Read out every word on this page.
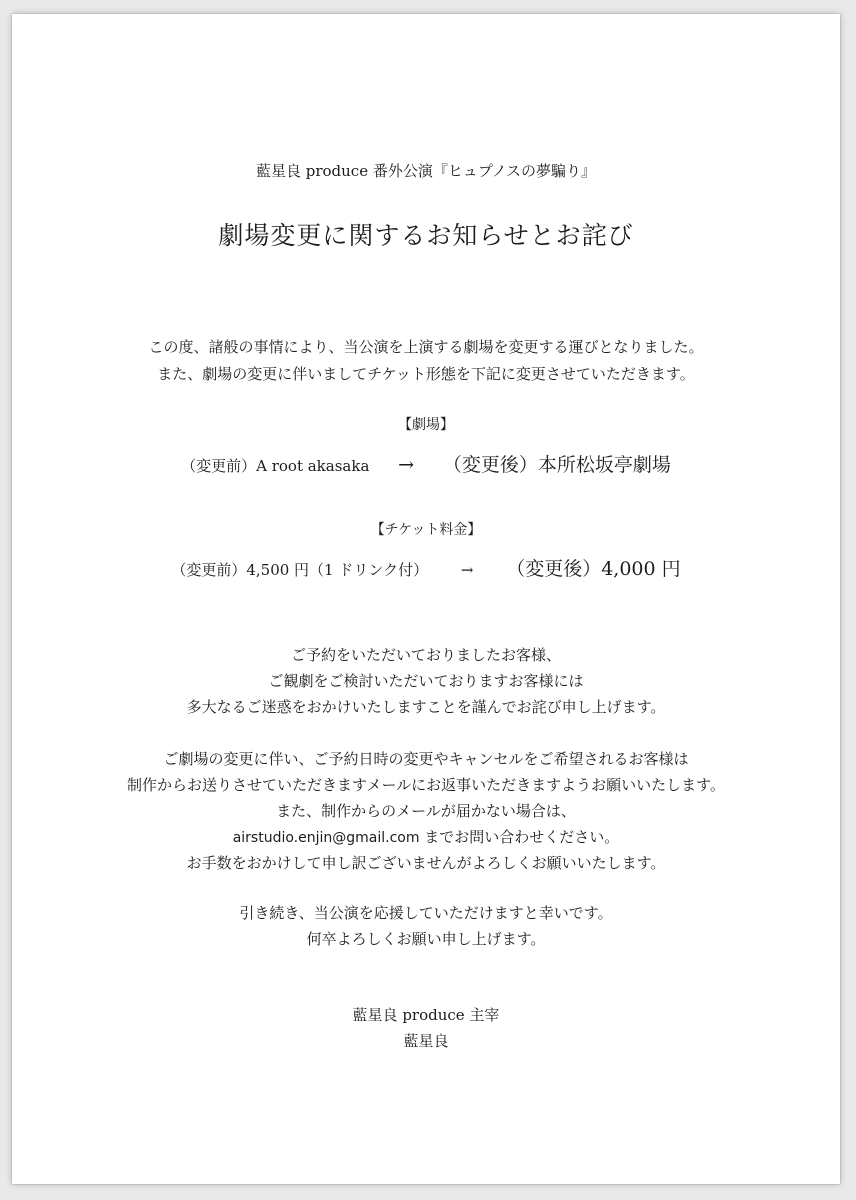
藍星良 produce 番外公演『ヒュプノスの夢騙り』
劇場変更に関するお知らせとお詫び
この度、諸般の事情により、当公演を上演する劇場を変更する運びとなりました。
また、劇場の変更に伴いましてチケット形態を下記に変更させていただきます。
【劇場】
（変更前）A root akasaka → （変更後）本所松坂亭劇場
【チケット料金】
（変更前）4,500 円（1 ドリンク付） → （変更後）4,000 円
ご予約をいただいておりましたお客様、
ご観劇をご検討いただいておりますお客様には
多大なるご迷惑をおかけいたしますことを謹んでお詫び申し上げます。
ご劇場の変更に伴い、ご予約日時の変更やキャンセルをご希望されるお客様は
制作からお送りさせていただきますメールにお返事いただきますようお願いいたします。
また、制作からのメールが届かない場合は、
airstudio.enjin@gmail.com までお問い合わせください。
お手数をおかけして申し訳ございませんがよろしくお願いいたします。
引き続き、当公演を応援していただけますと幸いです。
何卒よろしくお願い申し上げます。
藍星良 produce 主宰
藍星良
